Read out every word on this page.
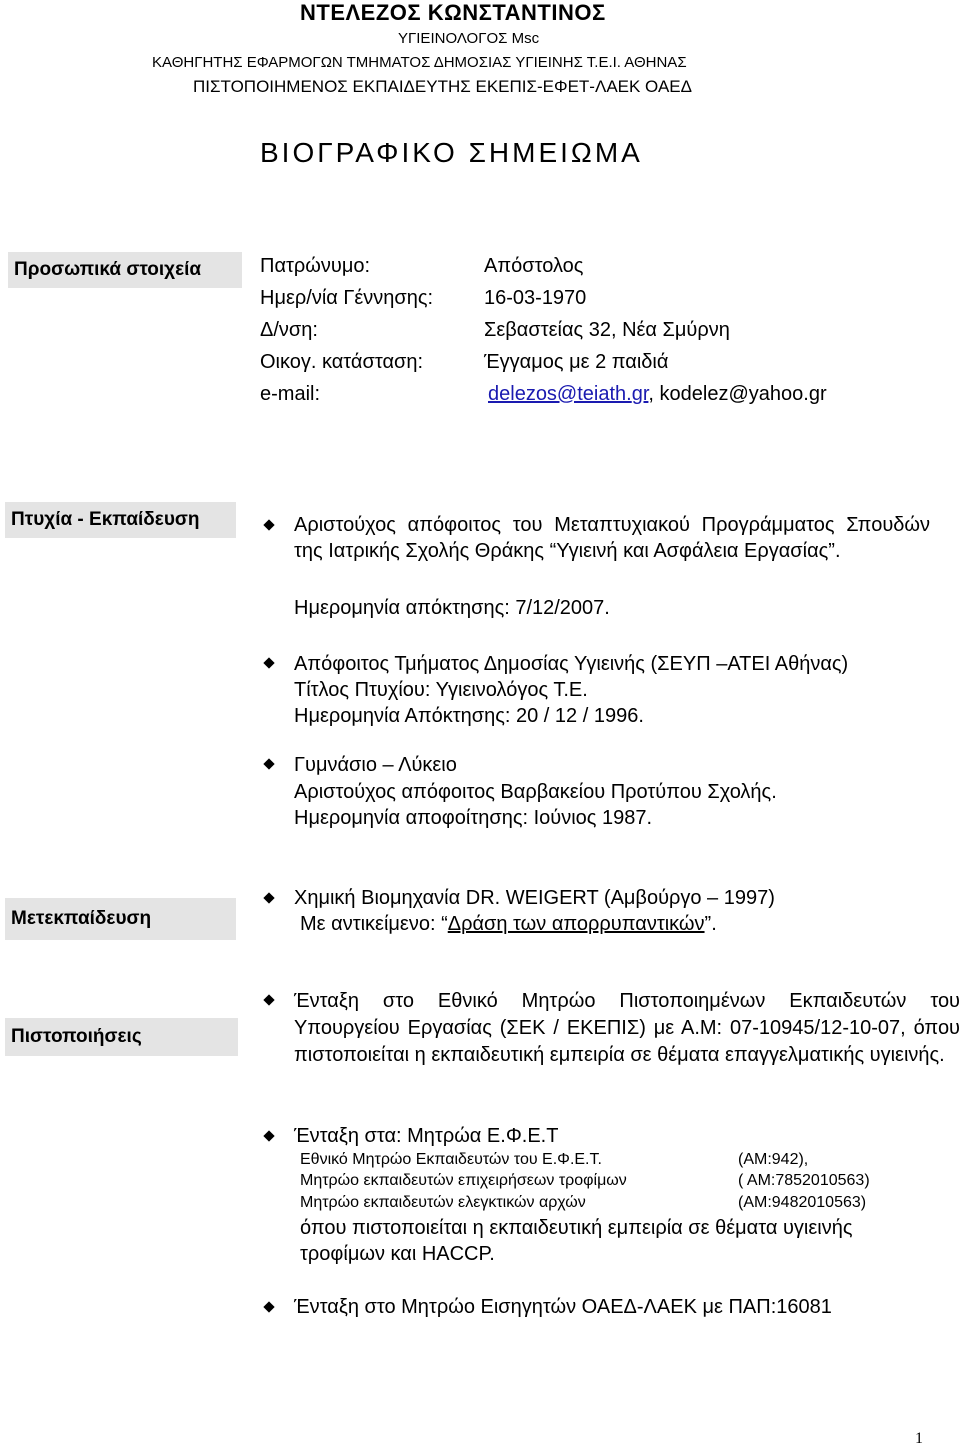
ΝΤΕΛΕΖΟΣ ΚΩΝΣΤΑΝΤΙΝΟΣ
ΥΓΙΕΙΝΟΛΟΓΟΣ Msc
ΚΑΘΗΓΗΤΗΣ ΕΦΑΡΜΟΓΩΝ ΤΜΗΜΑΤΟΣ ΔΗΜΟΣΙΑΣ ΥΓΙΕΙΝΗΣ Τ.Ε.Ι. ΑΘΗΝΑΣ
ΠΙΣΤΟΠΟΙΗΜΕΝΟΣ ΕΚΠΑΙΔΕΥΤΗΣ ΕΚΕΠΙΣ-ΕΦΕΤ-ΛΑΕΚ ΟΑΕΔ
ΒΙΟΓΡΑΦΙΚΟ ΣΗΜΕΙΩΜΑ
Προσωπικά στοιχεία	Πατρώνυμο:	Απόστολος
Ημερ/νία Γέννησης:	16-03-1970
Δ/νση:	Σεβαστείας 32, Νέα Σμύρνη
Οικογ. κατάσταση:	Έγγαμος με 2 παιδιά
e-mail:	delezos@teiath.gr, kodelez@yahoo.gr
Πτυχία - Εκπαίδευση	Αριστούχος απόφοιτος του Μεταπτυχιακού Προγράμματος Σπουδών της Ιατρικής Σχολής Θράκης “Υγιεινή και Ασφάλεια Εργασίας”.
Ημερομηνία απόκτησης: 7/12/2007.
Απόφοιτος Τμήματος Δημοσίας Υγιεινής (ΣΕΥΠ –ΑΤΕΙ Αθήνας)
Τίτλος Πτυχίου: Υγιεινολόγος Τ.Ε.
Ημερομηνία Απόκτησης: 20 / 12 / 1996.
Γυμνάσιο – Λύκειο
Αριστούχος απόφοιτος Βαρβακείου Προτύπου Σχολής.
Ημερομηνία αποφοίτησης: Ιούνιος 1987.
Μετεκπαίδευση
Χημική Βιομηχανία DR. WEIGERT (Αμβούργο – 1997)
Με αντικείμενο: “Δράση των απορρυπαντικών”.
Πιστοποιήσεις
Ένταξη στο Εθνικό Μητρώο Πιστοποιημένων Εκπαιδευτών του Υπουργείου Εργασίας (ΣΕΚ / ΕΚΕΠΙΣ) με Α.Μ: 07-10945/12-10-07, όπου πιστοποιείται η εκπαιδευτική εμπειρία σε θέματα επαγγελματικής υγιεινής.
Ένταξη στα: Μητρώα Ε.Φ.Ε.Τ
Εθνικό Μητρώο Εκπαιδευτών του Ε.Φ.Ε.Τ.	(ΑΜ:942),
Μητρώο εκπαιδευτών επιχειρήσεων τροφίμων	( ΑΜ:7852010563)
Μητρώο εκπαιδευτών ελεγκτικών αρχών	(ΑΜ:9482010563)
όπου πιστοποιείται η εκπαιδευτική εμπειρία σε θέματα υγιεινής
τροφίμων και HACCP.
Ένταξη στο Μητρώο Εισηγητών ΟΑΕΔ-ΛΑΕΚ με ΠΑΠ:16081
1
